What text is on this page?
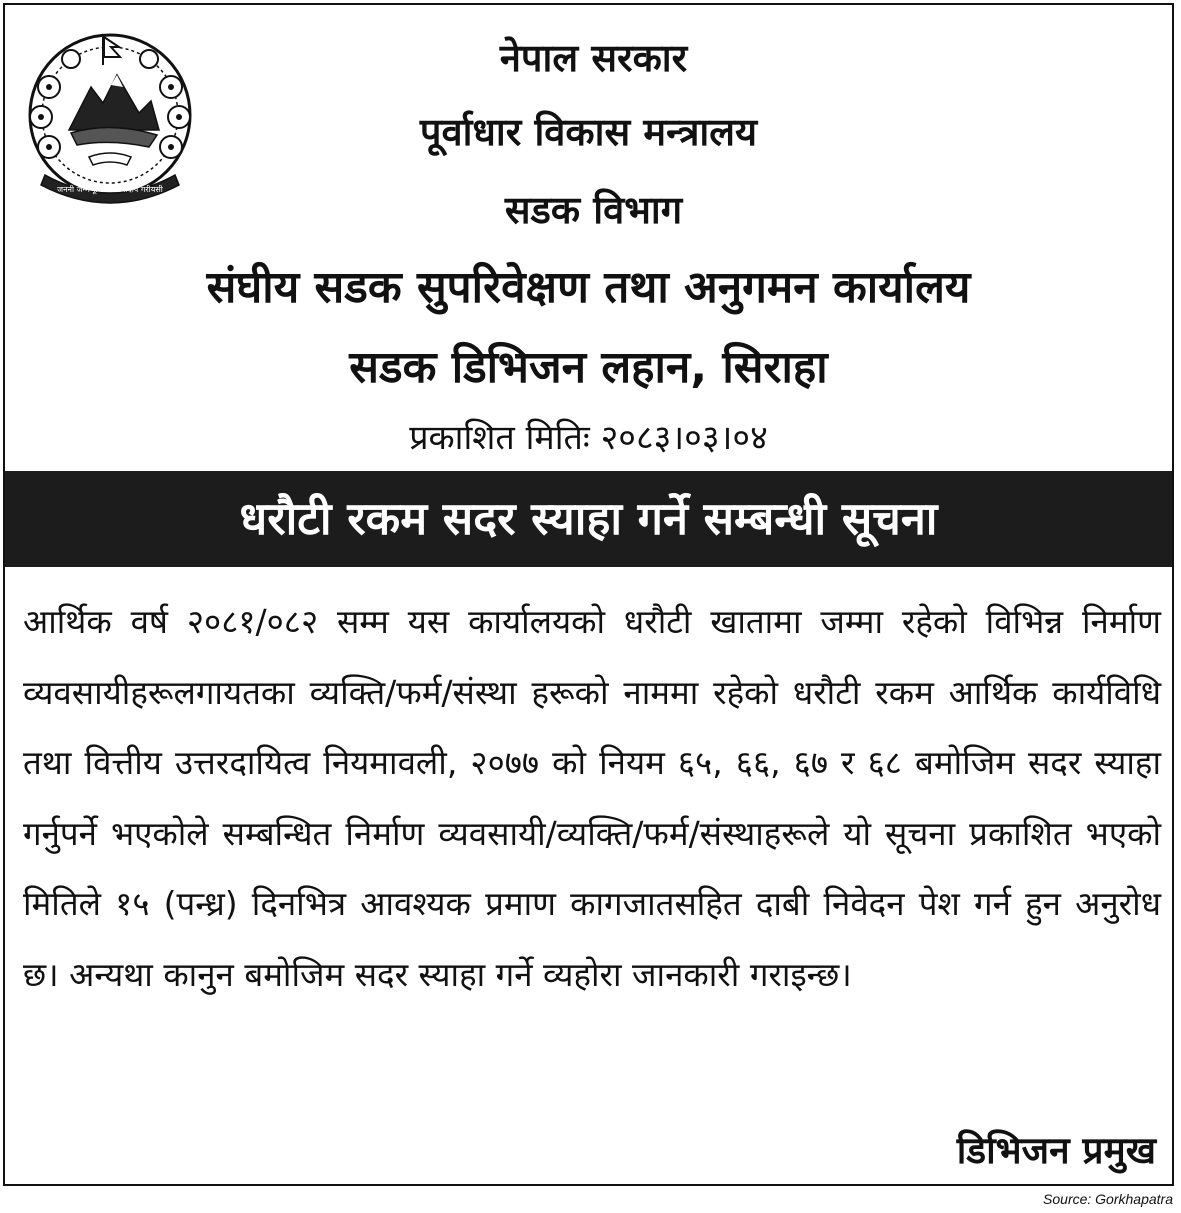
जननी जन्मभूमिश्च स्वर्गादपि गरीयसी
नेपाल सरकार
पूर्वाधार विकास मन्त्रालय
सडक विभाग
संघीय सडक सुपरिवेक्षण तथा अनुगमन कार्यालय
सडक डिभिजन लहान, सिराहा
प्रकाशित मितिः २०८३।०३।०४
धरौटी रकम सदर स्याहा गर्ने सम्बन्धी सूचना
आर्थिक वर्ष २०८१/०८२ सम्म यस कार्यालयको धरौटी खातामा जम्मा रहेको विभिन्न निर्माण व्यवसायीहरूलगायतका व्यक्ति/फर्म/संस्था हरूको नाममा रहेको धरौटी रकम आर्थिक कार्यविधि तथा वित्तीय उत्तरदायित्व नियमावली, २०७७ को नियम ६५, ६६, ६७ र ६८ बमोजिम सदर स्याहा गर्नुपर्ने भएकोले सम्बन्धित निर्माण व्यवसायी/व्यक्ति/फर्म/संस्थाहरूले यो सूचना प्रकाशित भएको मितिले १५ (पन्ध्र) दिनभित्र आवश्यक प्रमाण कागजातसहित दाबी निवेदन पेश गर्न हुन अनुरोध छ। अन्यथा कानुन बमोजिम सदर स्याहा गर्ने व्यहोरा जानकारी गराइन्छ।
डिभिजन प्रमुख
Source: Gorkhapatra
